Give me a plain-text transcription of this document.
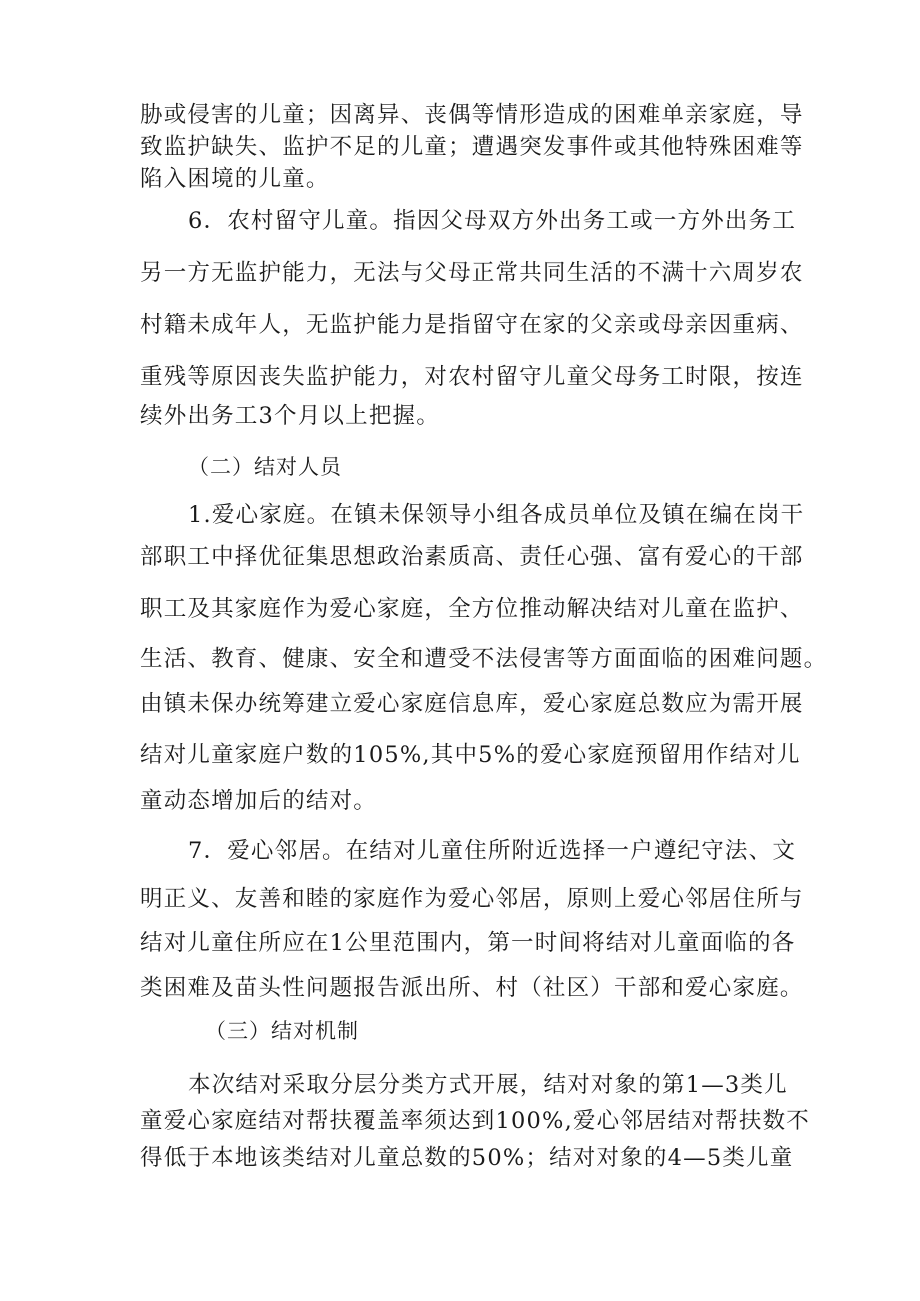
胁或侵害的儿童；因离异、丧偶等情形造成的困难单亲家庭，导
致监护缺失、监护不足的儿童；遭遇突发事件或其他特殊困难等
陷入困境的儿童。
6．农村留守儿童。指因父母双方外出务工或一方外出务工
另一方无监护能力，无法与父母正常共同生活的不满十六周岁农
村籍未成年人，无监护能力是指留守在家的父亲或母亲因重病、
重残等原因丧失监护能力，对农村留守儿童父母务工时限，按连
续外出务工3个月以上把握。
（二）结对人员
1.爱心家庭。在镇未保领导小组各成员单位及镇在编在岗干
部职工中择优征集思想政治素质高、责任心强、富有爱心的干部
职工及其家庭作为爱心家庭，全方位推动解决结对儿童在监护、
生活、教育、健康、安全和遭受不法侵害等方面面临的困难问题。
由镇未保办统筹建立爱心家庭信息库，爱心家庭总数应为需开展
结对儿童家庭户数的105%,其中5%的爱心家庭预留用作结对儿
童动态增加后的结对。
7．爱心邻居。在结对儿童住所附近选择一户遵纪守法、文
明正义、友善和睦的家庭作为爱心邻居，原则上爱心邻居住所与
结对儿童住所应在1公里范围内，第一时间将结对儿童面临的各
类困难及苗头性问题报告派出所、村（社区）干部和爱心家庭。
（三）结对机制
本次结对采取分层分类方式开展，结对对象的第1—3类儿
童爱心家庭结对帮扶覆盖率须达到100%,爱心邻居结对帮扶数不
得低于本地该类结对儿童总数的50%；结对对象的4—5类儿童
